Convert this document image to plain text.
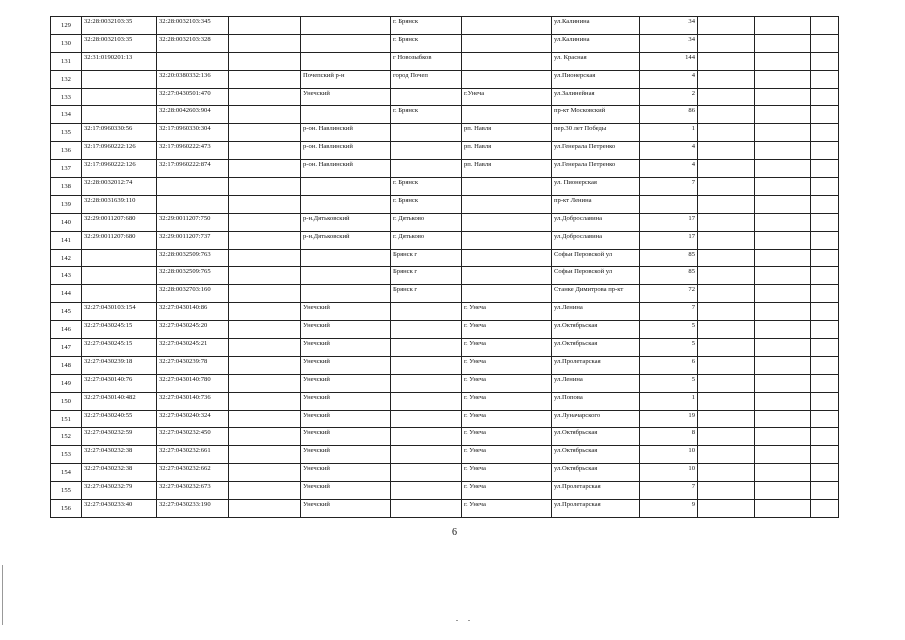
129	32:28:0032103:35	32:28:0032103:345			г. Брянск		ул.Калинина	34			
130	32:28:0032103:35	32:28:0032103:328			г. Брянск		ул.Калинина	34			
131	32:31:0190201:13				г Новозыбков		ул. Красная	144			
132		32:20:0380332:136		Почепский р-н	город Почеп		ул.Пионерская	4			
133		32:27:0430501:470		Унечский		г.Унеча	ул.Залинейная	2			
134		32:28:0042603:904			г. Брянск		пр-кт Московский	86			
135	32:17:0960330:56	32:17:0960330:304		р-он. Навлинский		рп. Навля	пер.30 лет Победы	1			
136	32:17:0960222:126	32:17:0960222:473		р-он. Навлинский		рп. Навля	ул.Генерала Петренко	4			
137	32:17:0960222:126	32:17:0960222:874		р-он. Навлинский		рп. Навля	ул.Генерала Петренко	4			
138	32:28:0032012:74				г. Брянск		ул. Пионерская	7			
139	32:28:0031639:110				г. Брянск		пр-кт Ленина				
140	32:29:0011207:680	32:29:0011207:750		р-н.Дятьковский	г. Дятьково		ул.Доброславина	17			
141	32:29:0011207:680	32:29:0011207:737		р-н.Дятьковский	г. Дятьково		ул.Доброславина	17			
142		32:28:0032509:763			Брянск г		Софьи Перовской ул	85			
143		32:28:0032509:765			Брянск г		Софьи Перовской ул	85			
144		32:28:0032703:160			Брянск г		Станке Димитрова пр-кт	72			
145	32:27:0430103:154	32:27:0430140:86		Унечский		г. Унеча	ул.Ленина	7			
146	32:27:0430245:15	32:27:0430245:20		Унечский		г. Унеча	ул.Октябрьская	5			
147	32:27:0430245:15	32:27:0430245:21		Унечский		г. Унеча	ул.Октябрьская	5			
148	32:27:0430239:18	32:27:0430239:78		Унечский		г. Унеча	ул.Пролетарская	6			
149	32:27:0430140:76	32:27:0430140:780		Унечский		г. Унеча	ул.Ленина	5			
150	32:27:0430140:482	32:27:0430140:736		Унечский		г. Унеча	ул.Попова	1			
151	32:27:0430240:55	32:27:0430240:324		Унечский		г. Унеча	ул.Луначарского	19			
152	32:27:0430232:59	32:27:0430232:450		Унечский		г. Унеча	ул.Октябрьская	8			
153	32:27:0430232:38	32:27:0430232:661		Унечский		г. Унеча	ул.Октябрьская	10			
154	32:27:0430232:38	32:27:0430232:662		Унечский		г. Унеча	ул.Октябрьская	10			
155	32:27:0430232:79	32:27:0430232:673		Унечский		г. Унеча	ул.Пролетарская	7			
156	32:27:0430233:40	32:27:0430233:190		Унечский		г. Унеча	ул.Пролетарская	9			
6
